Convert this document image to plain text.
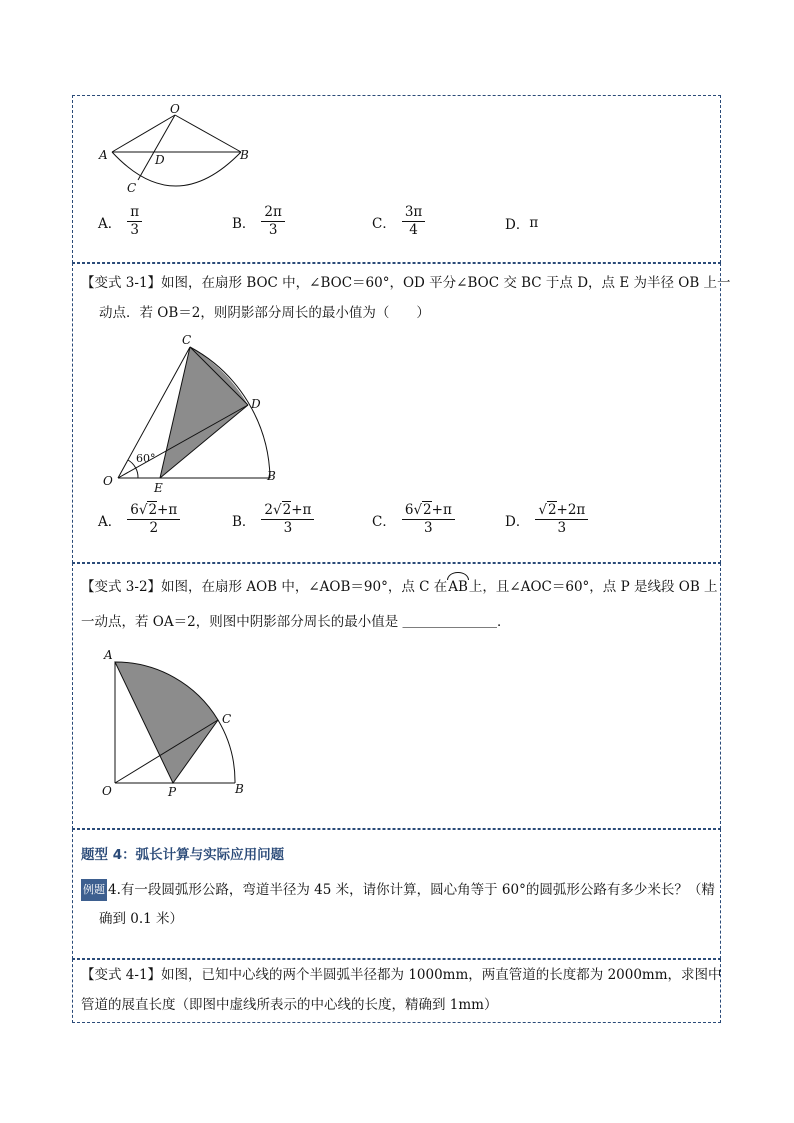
O
A	B
D
C
A． $\frac{\pi}{3}$	B． $\frac{2\pi}{3}$	C． $\frac{3\pi}{4}$	D． π
【变式 3-1】如图，在扇形 BOC 中，∠BOC＝60°，OD 平分∠BOC 交 BC 于点 D，点 E 为半径 OB 上一
动点．若 OB＝2，则阴影部分周长的最小值为（　　）
C
D
O	E
B
60°
A． $\frac{6√2+\pi}{2}$	B． $\frac{2√2+\pi}{3}$	C． $\frac{6√2+\pi}{3}$	D． $\frac{√2+2\pi}{3}$
【变式 3-2】如图，在扇形 AOB 中，∠AOB＝90°，点 C 在
AB上，且∠AOC＝60°，点 P 是线段 OB 上
一动点，若 OA＝2，则图中阴影部分周长的最小值是 ＿＿＿＿＿＿＿．
A
C
O	P	B
题型 4：弧长计算与实际应用问题
例题 4.有一段圆弧形公路，弯道半径为 45 米，请你计算，圆心角等于 60°的圆弧形公路有多少米长？（精
确到 0.1 米）
【变式 4-1】如图，已知中心线的两个半圆弧半径都为 1000mm，两直管道的长度都为 2000mm，求图中
管道的展直长度（即图中虚线所表示的中心线的长度，精确到 1mm）
